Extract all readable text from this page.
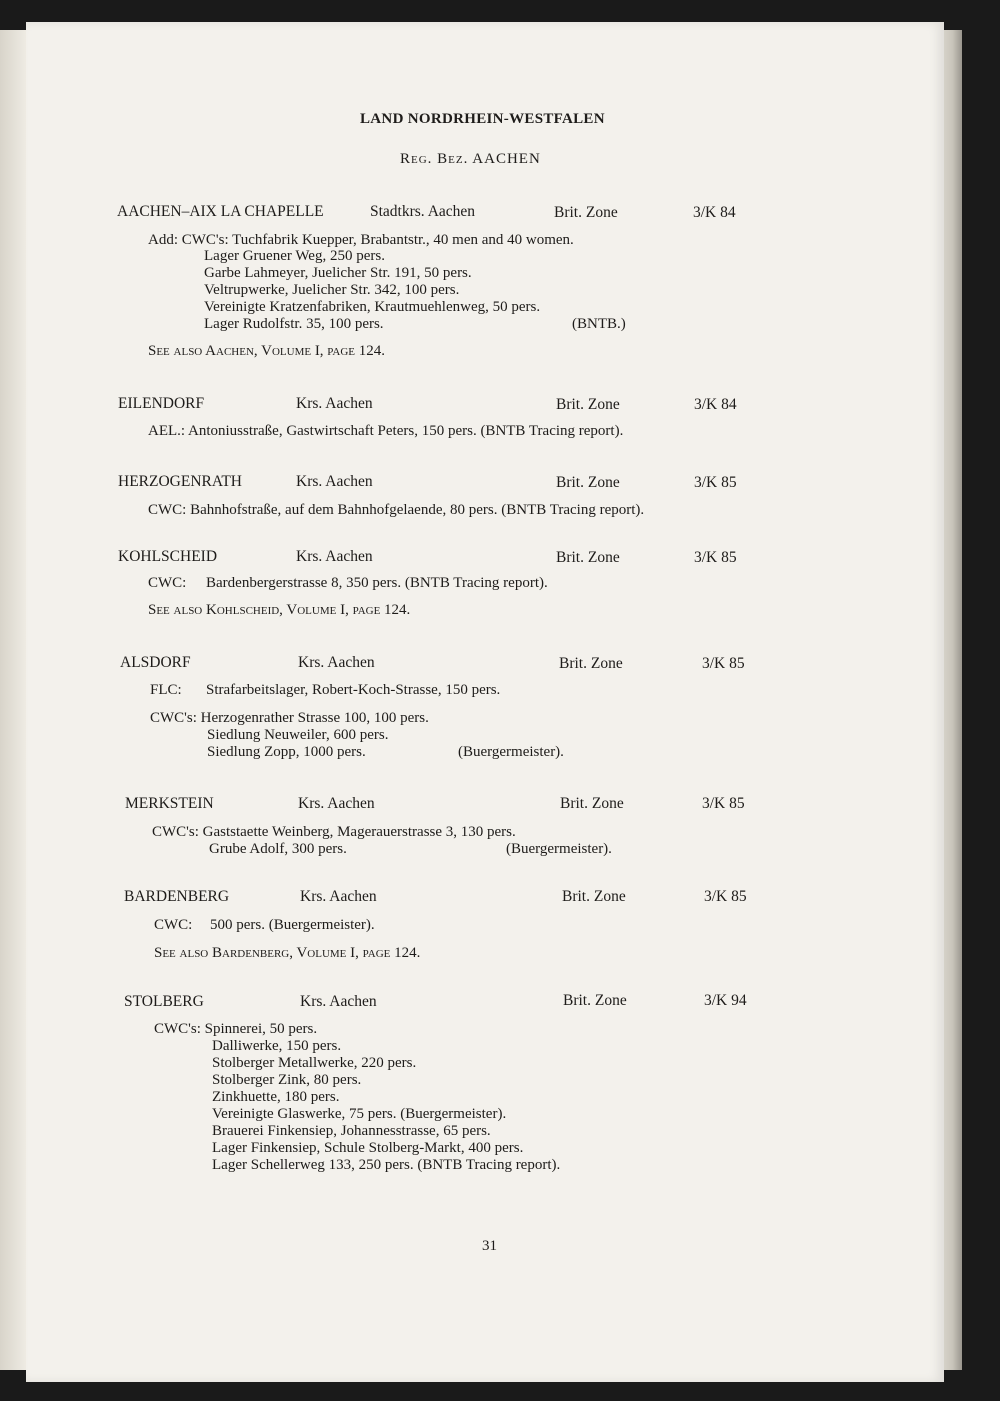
LAND NORDRHEIN-WESTFALEN
Reg. Bez. AACHEN
AACHEN–AIX LA CHAPELLE	Stadtkrs. Aachen	Brit. Zone	3/K 84
Add: CWC's: Tuchfabrik Kuepper, Brabantstr., 40 men and 40 women.
Lager Gruener Weg, 250 pers.
Garbe Lahmeyer, Juelicher Str. 191, 50 pers.
Veltrupwerke, Juelicher Str. 342, 100 pers.
Vereinigte Kratzenfabriken, Krautmuehlenweg, 50 pers.
Lager Rudolfstr. 35, 100 pers.	(BNTB.)
See also Aachen, Volume I, page 124.
EILENDORF	Krs. Aachen	Brit. Zone	3/K 84
AEL.: Antoniusstraße, Gastwirtschaft Peters, 150 pers. (BNTB Tracing report).
HERZOGENRATH	Krs. Aachen	Brit. Zone	3/K 85
CWC: Bahnhofstraße, auf dem Bahnhofgelaende, 80 pers. (BNTB Tracing report).
KOHLSCHEID	Krs. Aachen	Brit. Zone	3/K 85
CWC: Bardenbergerstrasse 8, 350 pers. (BNTB Tracing report).
See also Kohlscheid, Volume I, page 124.
ALSDORF	Krs. Aachen	Brit. Zone	3/K 85
FLC: Strafarbeitslager, Robert-Koch-Strasse, 150 pers.
CWC's: Herzogenrather Strasse 100, 100 pers.
Siedlung Neuweiler, 600 pers.
Siedlung Zopp, 1000 pers.	(Buergermeister).
MERKSTEIN	Krs. Aachen	Brit. Zone	3/K 85
CWC's: Gaststaette Weinberg, Magerauerstrasse 3, 130 pers.
Grube Adolf, 300 pers.	(Buergermeister).
BARDENBERG	Krs. Aachen	Brit. Zone	3/K 85
CWC: 500 pers. (Buergermeister).
See also Bardenberg, Volume I, page 124.
STOLBERG	Krs. Aachen	Brit. Zone	3/K 94
CWC's: Spinnerei, 50 pers.
Dalliwerke, 150 pers.
Stolberger Metallwerke, 220 pers.
Stolberger Zink, 80 pers.
Zinkhuette, 180 pers.
Vereinigte Glaswerke, 75 pers. (Buergermeister).
Brauerei Finkensiep, Johannesstrasse, 65 pers.
Lager Finkensiep, Schule Stolberg-Markt, 400 pers.
Lager Schellerweg 133, 250 pers. (BNTB Tracing report).
31
